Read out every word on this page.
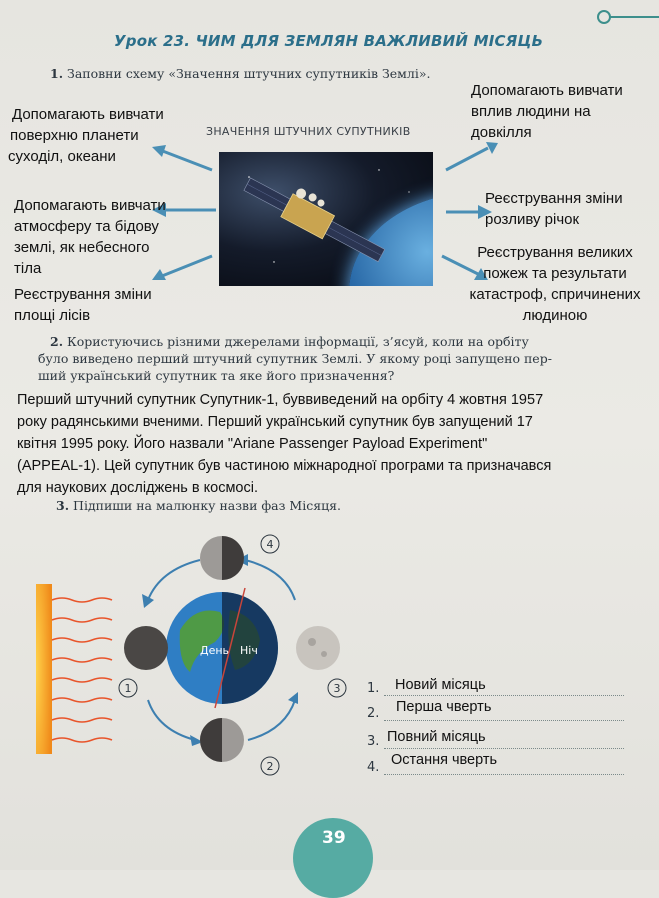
Урок 23. ЧИМ ДЛЯ ЗЕМЛЯН ВАЖЛИВИЙ МІСЯЦЬ
1. Заповни схему «Значення штучних супутників Землі».
ЗНАЧЕННЯ ШТУЧНИХ СУПУТНИКІВ
Допомагають вивчати
поверхню планети
суходіл, океани
Допомагають вивчати
атмосферу та бідову
землі, як небесного
тіла
Реєстрування зміни
площі лісів
Допомагають вивчати
вплив людини на
довкілля
Реєстрування зміни
розливу річок
Реєстрування великих
пожеж та результати
катастроф, спричинених
людиною
2. Користуючись різними джерелами інформації, з’ясуй, коли на орбіту
було виведено перший штучний супутник Землі. У якому році запущено пер-
ший український супутник та яке його призначення?
Перший штучний супутник Супутник-1, буввиведений на орбіту 4 жовтня 1957
року радянськими вченими. Перший український супутник був запущений 17
квітня 1995 року. Його назвали "Ariane Passenger Payload Experiment"
(APPEAL-1). Цей супутник був частиною міжнародної програми та призначався
для наукових досліджень в космосі.
3. Підпиши на малюнку назви фаз Місяця.
День Ніч
1
2
3
4
1. Новий місяць
2. Перша чверть
3. Повний місяць
4. Остання чверть
39
